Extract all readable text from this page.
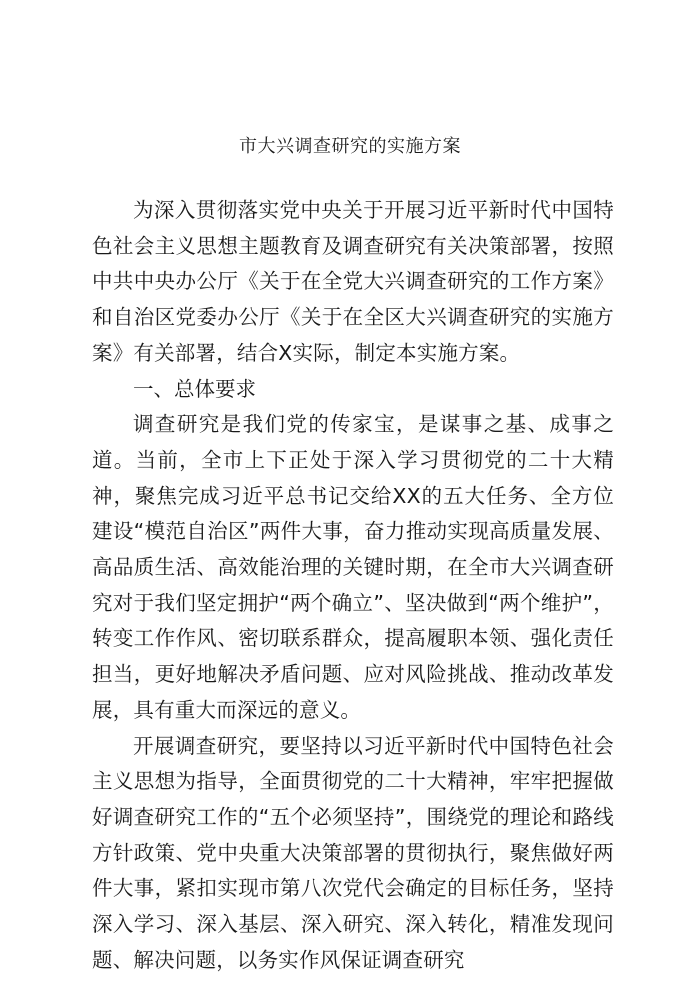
市大兴调查研究的实施方案

为深入贯彻落实党中央关于开展习近平新时代中国特色社会主义思想主题教育及调查研究有关决策部署，按照中共中央办公厅《关于在全党大兴调查研究的工作方案》和自治区党委办公厅《关于在全区大兴调查研究的实施方案》有关部署，结合X实际，制定本实施方案。

一、总体要求

调查研究是我们党的传家宝，是谋事之基、成事之道。当前，全市上下正处于深入学习贯彻党的二十大精神，聚焦完成习近平总书记交给XX的五大任务、全方位建设“模范自治区”两件大事，奋力推动实现高质量发展、高品质生活、高效能治理的关键时期，在全市大兴调查研究对于我们坚定拥护“两个确立”、坚决做到“两个维护”，转变工作作风、密切联系群众，提高履职本领、强化责任担当，更好地解决矛盾问题、应对风险挑战、推动改革发展，具有重大而深远的意义。

开展调查研究，要坚持以习近平新时代中国特色社会主义思想为指导，全面贯彻党的二十大精神，牢牢把握做好调查研究工作的“五个必须坚持”，围绕党的理论和路线方针政策、党中央重大决策部署的贯彻执行，聚焦做好两件大事，紧扣实现市第八次党代会确定的目标任务，坚持深入学习、深入基层、深入研究、深入转化，精准发现问题、解决问题，以务实作风保证调查研究
